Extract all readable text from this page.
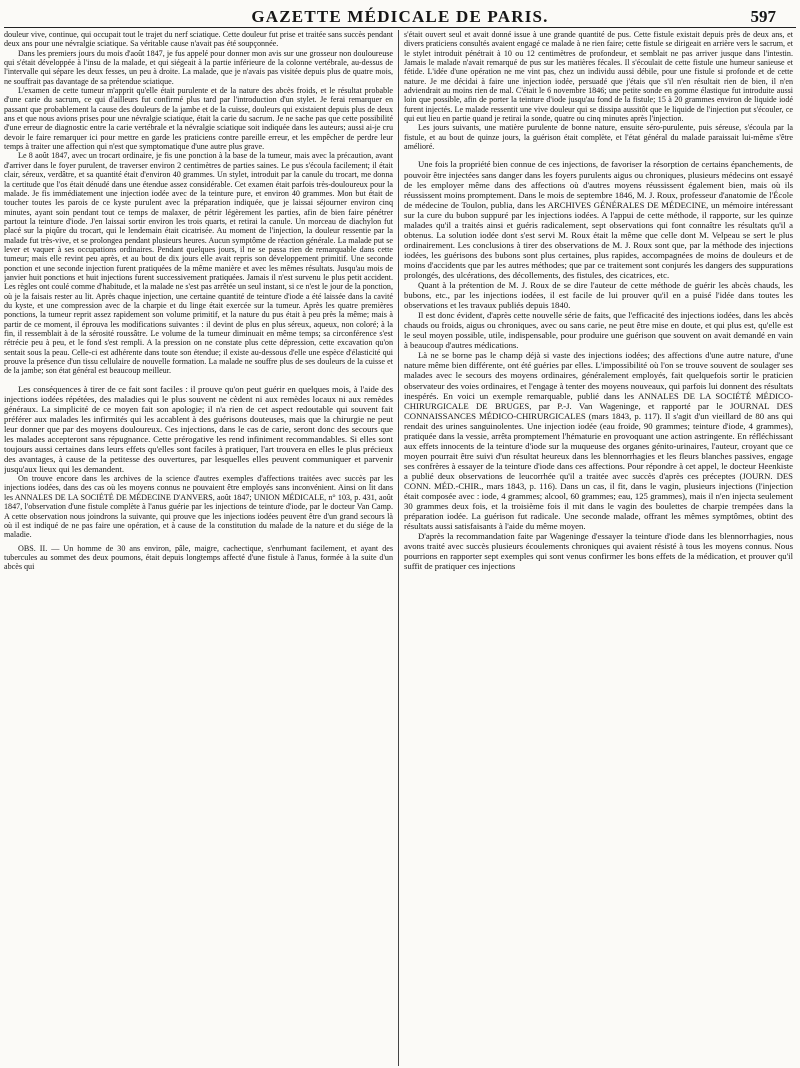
GAZETTE MÉDICALE DE PARIS.	597

douleur vive, continue, qui occupait tout le trajet du nerf sciatique. Cette douleur fut prise et traitée sans succès pendant deux ans pour une névralgie sciatique. Sa véritable cause n'avait pas été soupçonnée.

Dans les premiers jours du mois d'août 1847, je fus appelé pour donner mon avis sur une grosseur non douloureuse qui s'était développée à l'insu de la malade, et qui siégeait à la partie inférieure de la colonne vertébrale, au-dessus de l'intervalle qui sépare les deux fesses, un peu à droite. La malade, que je n'avais pas visitée depuis plus de quatre mois, ne souffrait pas davantage de sa prétendue sciatique.

L'examen de cette tumeur m'apprit qu'elle était purulente et de la nature des abcès froids, et le résultat probable d'une carie du sacrum, ce qui d'ailleurs fut confirmé plus tard par l'introduction d'un stylet. Je ferai remarquer en passant que probablement la cause des douleurs de la jambe et de la cuisse, douleurs qui existaient depuis plus de deux ans et que nous avions prises pour une névralgie sciatique, était la carie du sacrum. Je ne sache pas que cette possibilité d'une erreur de diagnostic entre la carie vertébrale et la névralgie sciatique soit indiquée dans les auteurs; aussi ai-je cru devoir le faire remarquer ici pour mettre en garde les praticiens contre pareille erreur, et les empêcher de perdre leur temps à traiter une affection qui n'est que symptomatique d'une autre plus grave.

Le 8 août 1847, avec un trocart ordinaire, je fis une ponction à la base de la tumeur, mais avec la précaution, avant d'arriver dans le foyer purulent, de traverser environ 2 centimètres de parties saines. Le pus s'écoula facilement; il était clair, séreux, verdâtre, et sa quantité était d'environ 40 grammes. Un stylet, introduit par la canule du trocart, me donna la certitude que l'os était dénudé dans une étendue assez considérable. Cet examen était parfois très-douloureux pour la malade. Je fis immédiatement une injection iodée avec de la teinture pure, et environ 40 grammes. Mon but était de toucher toutes les parois de ce kyste purulent avec la préparation indiquée, que je laissai séjourner environ cinq minutes, ayant soin pendant tout ce temps de malaxer, de pétrir légèrement les parties, afin de bien faire pénétrer partout la teinture d'iode. J'en laissai sortir environ les trois quarts, et retirai la canule. Un morceau de diachylon fut placé sur la piqûre du trocart, qui le lendemain était cicatrisée. Au moment de l'injection, la douleur ressentie par la malade fut très-vive, et se prolongea pendant plusieurs heures. Aucun symptôme de réaction générale. La malade put se lever et vaquer à ses occupations ordinaires. Pendant quelques jours, il ne se passa rien de remarquable dans cette tumeur; mais elle revint peu après, et au bout de dix jours elle avait repris son développement primitif. Une seconde ponction et une seconde injection furent pratiquées de la même manière et avec les mêmes résultats. Jusqu'au mois de janvier huit ponctions et huit injections furent successivement pratiquées. Jamais il n'est survenu le plus petit accident. Les règles ont coulé comme d'habitude, et la malade ne s'est pas arrêtée un seul instant, si ce n'est le jour de la ponction, où je la faisais rester au lit. Après chaque injection, une certaine quantité de teinture d'iode a été laissée dans la cavité du kyste, et une compression avec de la charpie et du linge était exercée sur la tumeur. Après les quatre premières ponctions, la tumeur reprit assez rapidement son volume primitif, et la nature du pus était à peu près la même; mais à partir de ce moment, il éprouva les modifications suivantes : il devint de plus en plus séreux, aqueux, non coloré; à la fin, il ressemblait à de la sérosité roussâtre. Le volume de la tumeur diminuait en même temps; sa circonférence s'est rétrécie peu à peu, et le fond s'est rempli. A la pression on ne constate plus cette dépression, cette excavation qu'on sentait sous la peau. Celle-ci est adhérente dans toute son étendue; il existe au-dessous d'elle une espèce d'élasticité qui prouve la présence d'un tissu cellulaire de nouvelle formation. La malade ne souffre plus de ses douleurs de la cuisse et de la jambe; son état général est beaucoup meilleur.

Les conséquences à tirer de ce fait sont faciles : il prouve qu'on peut guérir en quelques mois, à l'aide des injections iodées répétées, des maladies qui le plus souvent ne cèdent ni aux remèdes locaux ni aux remèdes généraux. La simplicité de ce moyen fait son apologie; il n'a rien de cet aspect redoutable qui souvent fait préférer aux malades les infirmités qui les accablent à des guérisons douteuses, mais que la chirurgie ne peut leur donner que par des moyens douloureux. Ces injections, dans le cas de carie, seront donc des secours que les malades accepteront sans répugnance. Cette prérogative les rend infiniment recommandables. Si elles sont toujours aussi certaines dans leurs effets qu'elles sont faciles à pratiquer, l'art trouvera en elles le plus précieux des avantages, à cause de la petitesse des ouvertures, par lesquelles elles peuvent communiquer et parvenir jusqu'aux lieux qui les demandent.

On trouve encore dans les archives de la science d'autres exemples d'affections traitées avec succès par les injections iodées, dans des cas où les moyens connus ne pouvaient être employés sans inconvénient. Ainsi on lit dans les ANNALES DE LA SOCIÉTÉ DE MÉDECINE D'ANVERS, août 1847; UNION MÉDICALE, n° 103, p. 431, août 1847, l'observation d'une fistule complète à l'anus guérie par les injections de teinture d'iode, par le docteur Van Camp. A cette observation nous joindrons la suivante, qui prouve que les injections iodées peuvent être d'un grand secours là où il est indiqué de ne pas faire une opération, et à cause de la constitution du malade de la nature et du siége de la maladie.

OBS. II. — Un homme de 30 ans environ, pâle, maigre, cachectique, s'enrhumant facilement, et ayant des tubercules au sommet des deux poumons, était depuis longtemps affecté d'une fistule à l'anus, formée à la suite d'un abcès qui

s'était ouvert seul et avait donné issue à une grande quantité de pus. Cette fistule existait depuis près de deux ans, et divers praticiens consultés avaient engagé ce malade à ne rien faire; cette fistule se dirigeait en arrière vers le sacrum, et le stylet introduit pénétrait à 10 ou 12 centimètres de profondeur, et semblait ne pas arriver jusque dans l'intestin. Jamais le malade n'avait remarqué de pus sur les matières fécales. Il s'écoulait de cette fistule une humeur sanieuse et fétide. L'idée d'une opération ne me vint pas, chez un individu aussi débile, pour une fistule si profonde et de cette nature. Je me décidai à faire une injection iodée, persuadé que j'étais que s'il n'en résultait rien de bien, il n'en adviendrait au moins rien de mal. C'était le 6 novembre 1846; une petite sonde en gomme élastique fut introduite aussi loin que possible, afin de porter la teinture d'iode jusqu'au fond de la fistule; 15 à 20 grammes environ de liquide iodé furent injectés. Le malade ressentit une vive douleur qui se dissipa aussitôt que le liquide de l'injection put s'écouler, ce qui eut lieu en partie quand je retirai la sonde, quatre ou cinq minutes après l'injection.

Les jours suivants, une matière purulente de bonne nature, ensuite séro-purulente, puis séreuse, s'écoula par la fistule, et au bout de quinze jours, la guérison était complète, et l'état général du malade paraissait lui-même s'être amélioré.

Une fois la propriété bien connue de ces injections, de favoriser la résorption de certains épanchements, de pouvoir être injectées sans danger dans les foyers purulents aigus ou chroniques, plusieurs médecins ont essayé de les employer même dans des affections où d'autres moyens réussissent également bien, mais où ils réussissent moins promptement. Dans le mois de septembre 1846, M. J. Roux, professeur d'anatomie de l'École de médecine de Toulon, publia, dans les ARCHIVES GÉNÉRALES DE MÉDECINE, un mémoire intéressant sur la cure du bubon suppuré par les injections iodées. A l'appui de cette méthode, il rapporte, sur les quinze malades qu'il a traités ainsi et guéris radicalement, sept observations qui font connaître les résultats qu'il a obtenus. La solution iodée dont s'est servi M. Roux était la même que celle dont M. Velpeau se sert le plus ordinairement. Les conclusions à tirer des observations de M. J. Roux sont que, par la méthode des injections iodées, les guérisons des bubons sont plus certaines, plus rapides, accompagnées de moins de douleurs et de moins d'accidents que par les autres méthodes; que par ce traitement sont conjurés les dangers des suppurations prolongés, des ulcérations, des décollements, des fistules, des cicatrices, etc.

Quant à la prétention de M. J. Roux de se dire l'auteur de cette méthode de guérir les abcès chauds, les bubons, etc., par les injections iodées, il est facile de lui prouver qu'il en a puisé l'idée dans toutes les observations et les travaux publiés depuis 1840.

Il est donc évident, d'après cette nouvelle série de faits, que l'efficacité des injections iodées, dans les abcès chauds ou froids, aigus ou chroniques, avec ou sans carie, ne peut être mise en doute, et qui plus est, qu'elle est le seul moyen possible, utile, indispensable, pour produire une guérison que souvent on avait demandé en vain à beaucoup d'autres médications.

Là ne se borne pas le champ déjà si vaste des injections iodées; des affections d'une autre nature, d'une nature même bien différente, ont été guéries par elles. L'impossibilité où l'on se trouve souvent de soulager ses malades avec le secours des moyens ordinaires, généralement employés, fait quelquefois sortir le praticien observateur des voies ordinaires, et l'engage à tenter des moyens nouveaux, qui parfois lui donnent des résultats inespérés. En voici un exemple remarquable, publié dans les ANNALES DE LA SOCIÉTÉ MÉDICO-CHIRURGICALE DE BRUGES, par P.-J. Van Wageninge, et rapporté par le JOURNAL DES CONNAISSANCES MÉDICO-CHIRURGICALES (mars 1843, p. 117). Il s'agit d'un vieillard de 80 ans qui rendait des urines sanguinolentes. Une injection iodée (eau froide, 90 grammes; teinture d'iode, 4 grammes), pratiquée dans la vessie, arrêta promptement l'hématurie en provoquant une action astringente. En réfléchissant aux effets innocents de la teinture d'iode sur la muqueuse des organes génito-urinaires, l'auteur, croyant que ce moyen pourrait être suivi d'un résultat heureux dans les blennorrhagies et les fleurs blanches passives, engage ses confrères à essayer de la teinture d'iode dans ces affections. Pour répondre à cet appel, le docteur Heenkiste a publié deux observations de leucorrhée qu'il a traitée avec succès d'après ces préceptes (JOURN. DES CONN. MÉD.-CHIR., mars 1843, p. 116). Dans un cas, il fit, dans le vagin, plusieurs injections (l'injection était composée avec : iode, 4 grammes; alcool, 60 grammes; eau, 125 grammes), mais il n'en injecta seulement 30 grammes deux fois, et la troisième fois il mit dans le vagin des boulettes de charpie trempées dans la préparation iodée. La guérison fut radicale. Une seconde malade, offrant les mêmes symptômes, obtint des résultats aussi satisfaisants à l'aide du même moyen.

D'après la recommandation faite par Wageninge d'essayer la teinture d'iode dans les blennorrhagies, nous avons traité avec succès plusieurs écoulements chroniques qui avaient résisté à tous les moyens connus. Nous pourrions en rapporter sept exemples qui sont venus confirmer les bons effets de la médication, et prouver qu'il suffit de pratiquer ces injections
